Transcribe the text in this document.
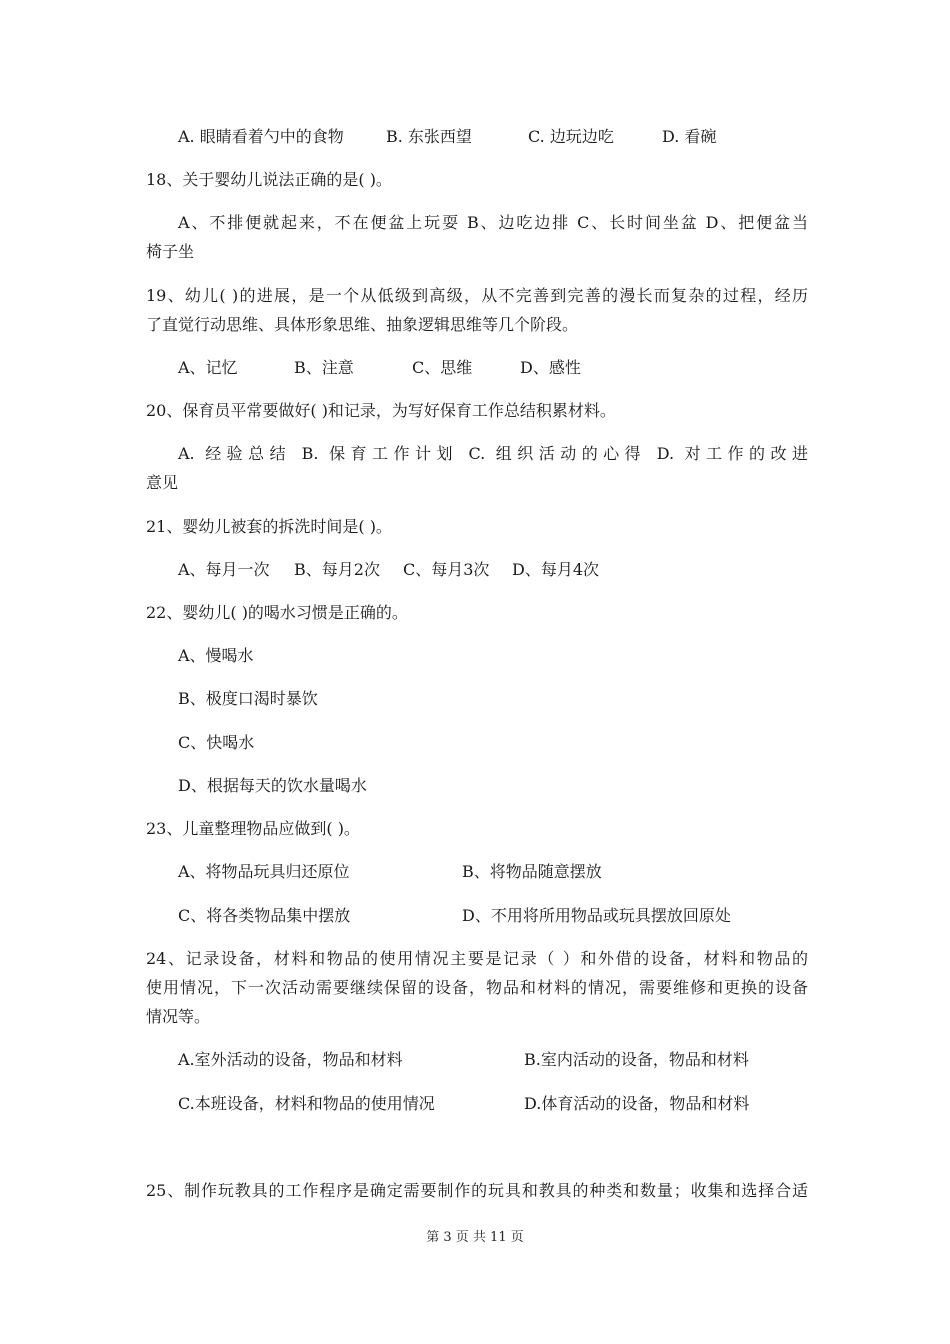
A. 眼睛看着勺中的食物	B. 东张西望	C. 边玩边吃	D. 看碗
18、关于婴幼儿说法正确的是( )。
A、不排便就起来，不在便盆上玩耍 B、边吃边排 C、长时间坐盆 D、把便盆当
椅子坐
19、幼儿( )的进展，是一个从低级到高级，从不完善到完善的漫长而复杂的过程，经历
了直觉行动思维、具体形象思维、抽象逻辑思维等几个阶段。
A、记忆	B、注意	C、思维	D、感性
20、保育员平常要做好( )和记录，为写好保育工作总结积累材料。
A. 经验总结 B. 保育工作计划 C. 组织活动的心得 D. 对工作的改进
意见
21、婴幼儿被套的拆洗时间是( )。
A、每月一次 B、每月2次 C、每月3次 D、每月4次
22、婴幼儿( )的喝水习惯是正确的。
A、慢喝水
B、极度口渴时暴饮
C、快喝水
D、根据每天的饮水量喝水
23、儿童整理物品应做到( )。
A、将物品玩具归还原位	B、将物品随意摆放
C、将各类物品集中摆放	D、不用将所用物品或玩具摆放回原处
24、记录设备，材料和物品的使用情况主要是记录（ ）和外借的设备，材料和物品的
使用情况，下一次活动需要继续保留的设备，物品和材料的情况，需要维修和更换的设备
情况等。
A.室外活动的设备，物品和材料	B.室内活动的设备，物品和材料
C.本班设备，材料和物品的使用情况	D.体育活动的设备，物品和材料
25、制作玩教具的工作程序是确定需要制作的玩具和教具的种类和数量；收集和选择合适
第 3 页 共 11 页
